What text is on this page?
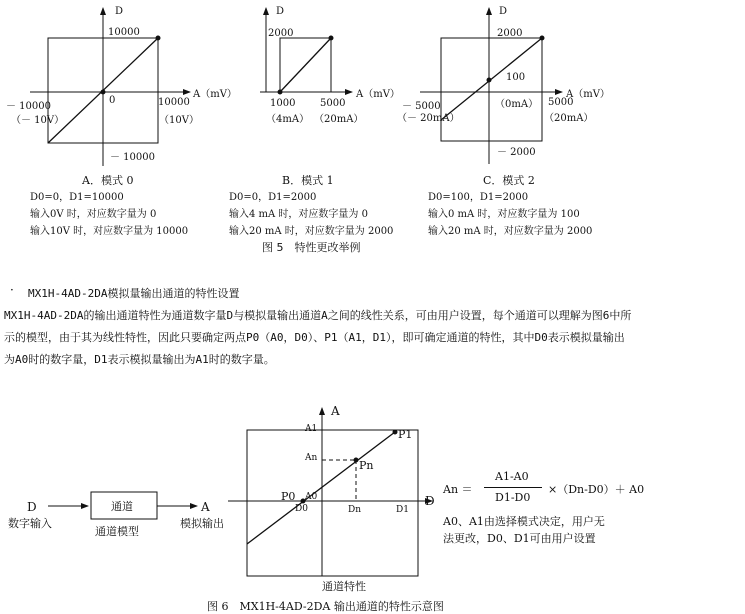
D
A（mV）
10000
0
－ 10000
－ 10000
（－ 10V）
10000
（10V）
A．模式 0
D0=0，D1=10000
输入0V 时，对应数字量为 0
输入10V 时，对应数字量为 10000
D
A（mV）
2000
1000
（4mA）
5000
（20mA）
B．模式 1
D0=0，D1=2000
输入4 mA 时，对应数字量为 0
输入20 mA 时，对应数字量为 2000
D
A（mV）
2000
100
（0mA）
－ 2000
－ 5000
（－ 20mA）
5000
（20mA）
C．模式 2
D0=100，D1=2000
输入0 mA 时，对应数字量为 100
输入20 mA 时，对应数字量为 2000
图 5　特性更改举例
· MX1H-4AD-2DA模拟量输出通道的特性设置
MX1H-4AD-2DA的输出通道特性为通道数字量D与模拟量输出通道A之间的线性关系，可由用户设置，每个通道可以理解为图6中所
示的模型，由于其为线性特性，因此只要确定两点P0（A0，D0）、P1（A1，D1），即可确定通道的特性，其中D0表示模拟量输出
为A0时的数字量，D1表示模拟量输出为A1时的数字量。
D
数字输入
通道
通道模型
A
模拟输出
A
D
A1
An
A0
P0
P1
Pn
D0	Dn	D1
通道特性
An ＝
A1-A0
D1-D0
×（Dn-D0）＋ A0
A0、A1由选择模式决定，用户无
法更改，D0、D1可由用户设置
图 6　MX1H-4AD-2DA 输出通道的特性示意图
